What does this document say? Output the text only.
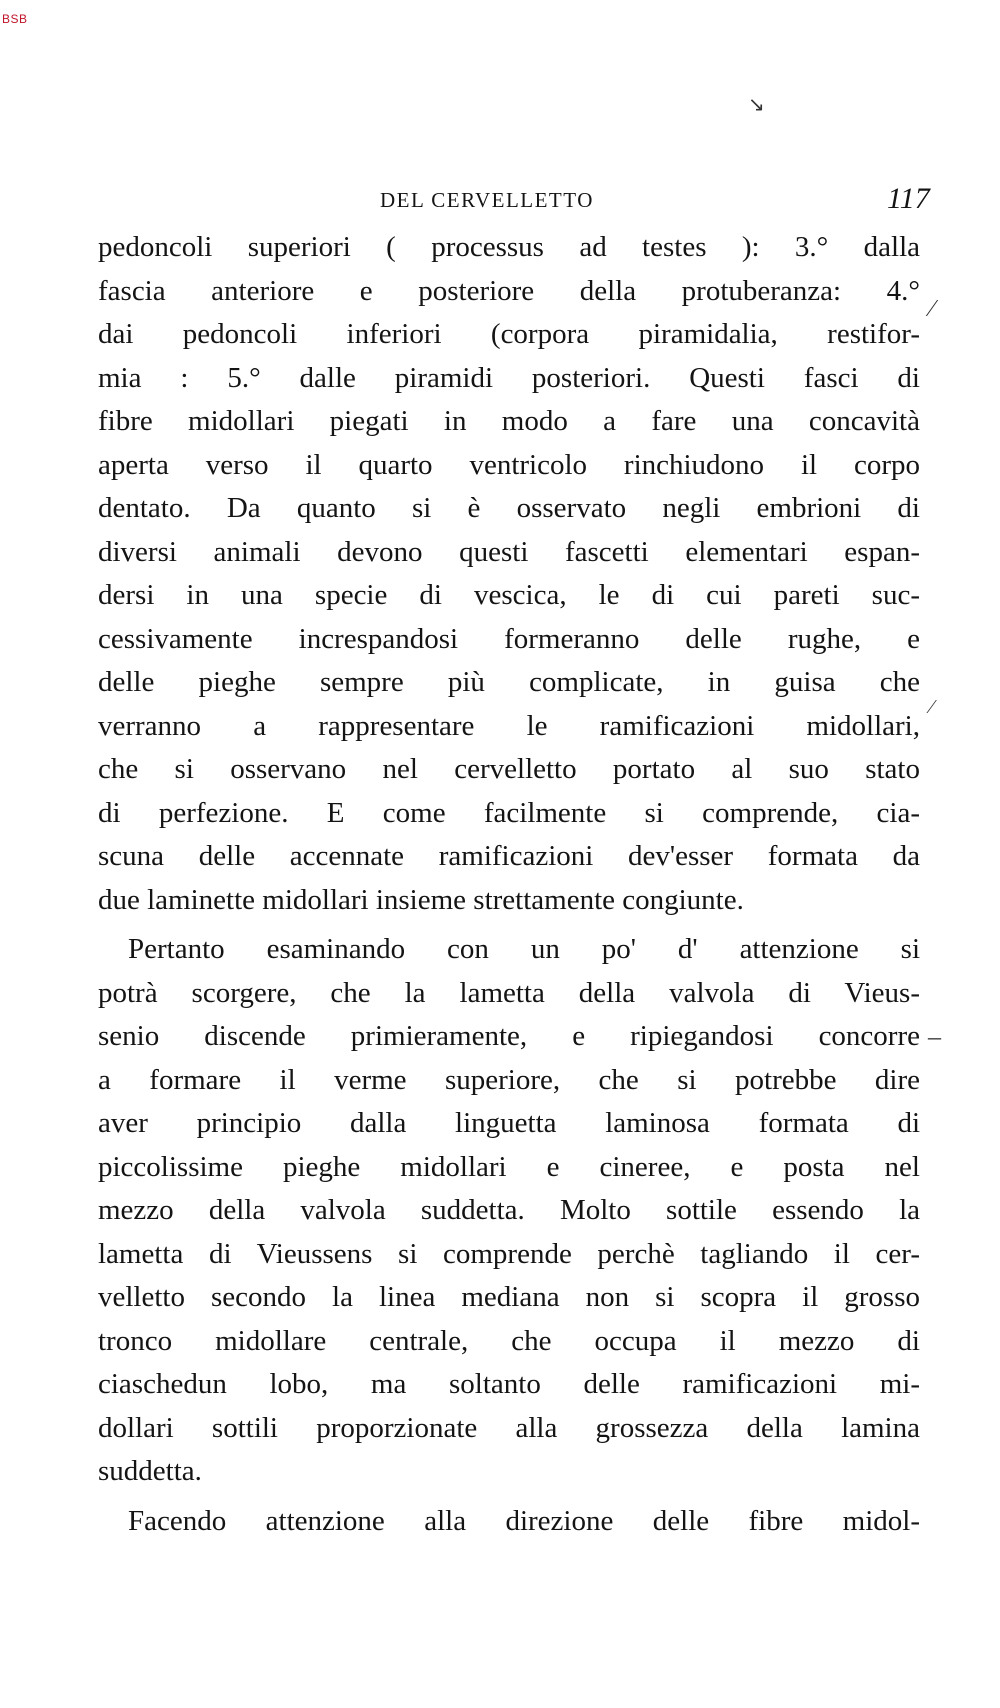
BSB
DEL CERVELLETTO	117
↘
⁄
⁄
–
pedoncoli superiori ( processus ad testes ): 3.° dalla
fascia anteriore e posteriore della protuberanza: 4.°
dai pedoncoli inferiori (corpora piramidalia, restifor-
mia : 5.° dalle piramidi posteriori. Questi fasci di
fibre midollari piegati in modo a fare una concavità
aperta verso il quarto ventricolo rinchiudono il corpo
dentato. Da quanto si è osservato negli embrioni di
diversi animali devono questi fascetti elementari espan-
dersi in una specie di vescica, le di cui pareti suc-
cessivamente increspandosi formeranno delle rughe, e
delle pieghe sempre più complicate, in guisa che
verranno a rappresentare le ramificazioni midollari,
che si osservano nel cervelletto portato al suo stato
di perfezione. E come facilmente si comprende, cia-
scuna delle accennate ramificazioni dev'esser formata da
due laminette midollari insieme strettamente congiunte.
Pertanto esaminando con un po' d' attenzione si
potrà scorgere, che la lametta della valvola di Vieus-
senio discende primieramente, e ripiegandosi concorre
a formare il verme superiore, che si potrebbe dire
aver principio dalla linguetta laminosa formata di
piccolissime pieghe midollari e cineree, e posta nel
mezzo della valvola suddetta. Molto sottile essendo la
lametta di Vieussens si comprende perchè tagliando il cer-
velletto secondo la linea mediana non si scopra il grosso
tronco midollare centrale, che occupa il mezzo di
ciaschedun lobo, ma soltanto delle ramificazioni mi-
dollari sottili proporzionate alla grossezza della lamina
suddetta.
Facendo attenzione alla direzione delle fibre midol-
